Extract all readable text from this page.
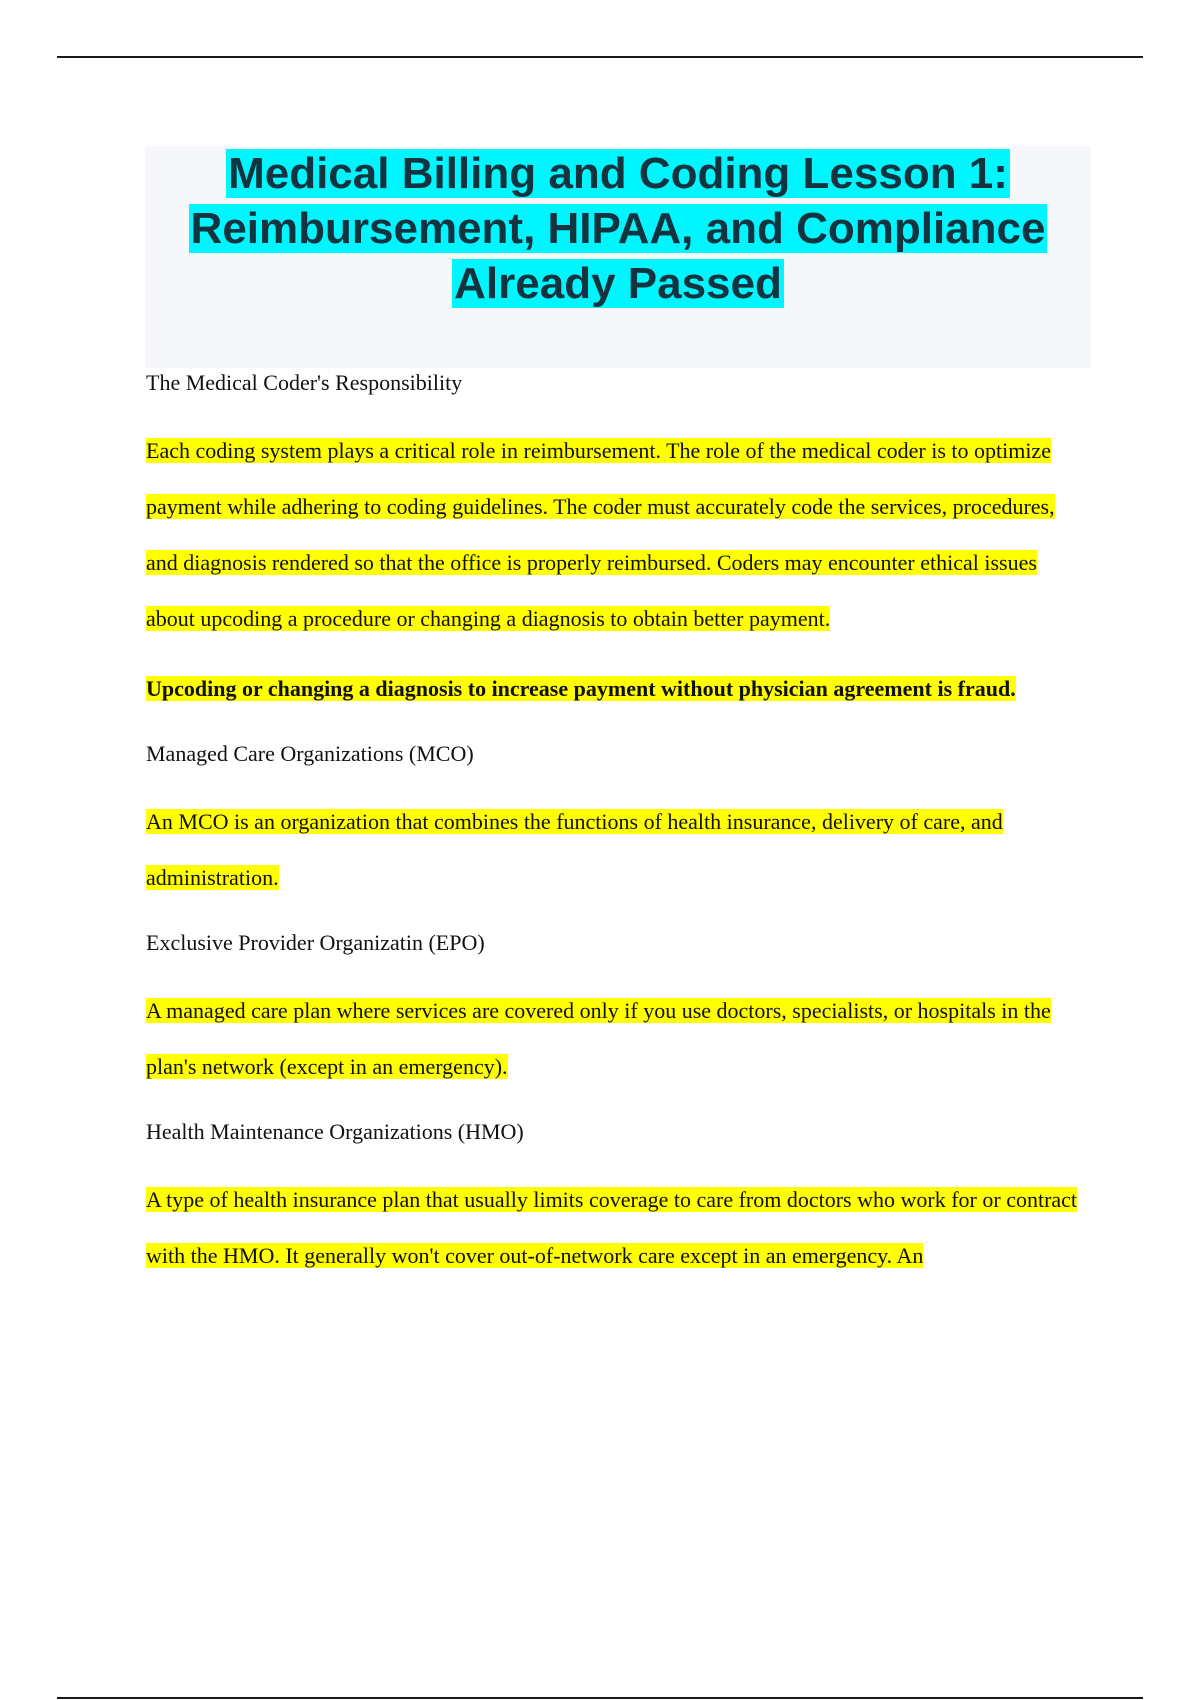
Medical Billing and Coding Lesson 1:
Reimbursement, HIPAA, and Compliance
Already Passed

The Medical Coder's Responsibility

Each coding system plays a critical role in reimbursement. The role of the medical coder is to optimize payment while adhering to coding guidelines. The coder must accurately code the services, procedures, and diagnosis rendered so that the office is properly reimbursed. Coders may encounter ethical issues about upcoding a procedure or changing a diagnosis to obtain better payment.

Upcoding or changing a diagnosis to increase payment without physician agreement is fraud.

Managed Care Organizations (MCO)

An MCO is an organization that combines the functions of health insurance, delivery of care, and administration.

Exclusive Provider Organizatin (EPO)

A managed care plan where services are covered only if you use doctors, specialists, or hospitals in the plan's network (except in an emergency).

Health Maintenance Organizations (HMO)

A type of health insurance plan that usually limits coverage to care from doctors who work for or contract with the HMO. It generally won't cover out-of-network care except in an emergency. An
